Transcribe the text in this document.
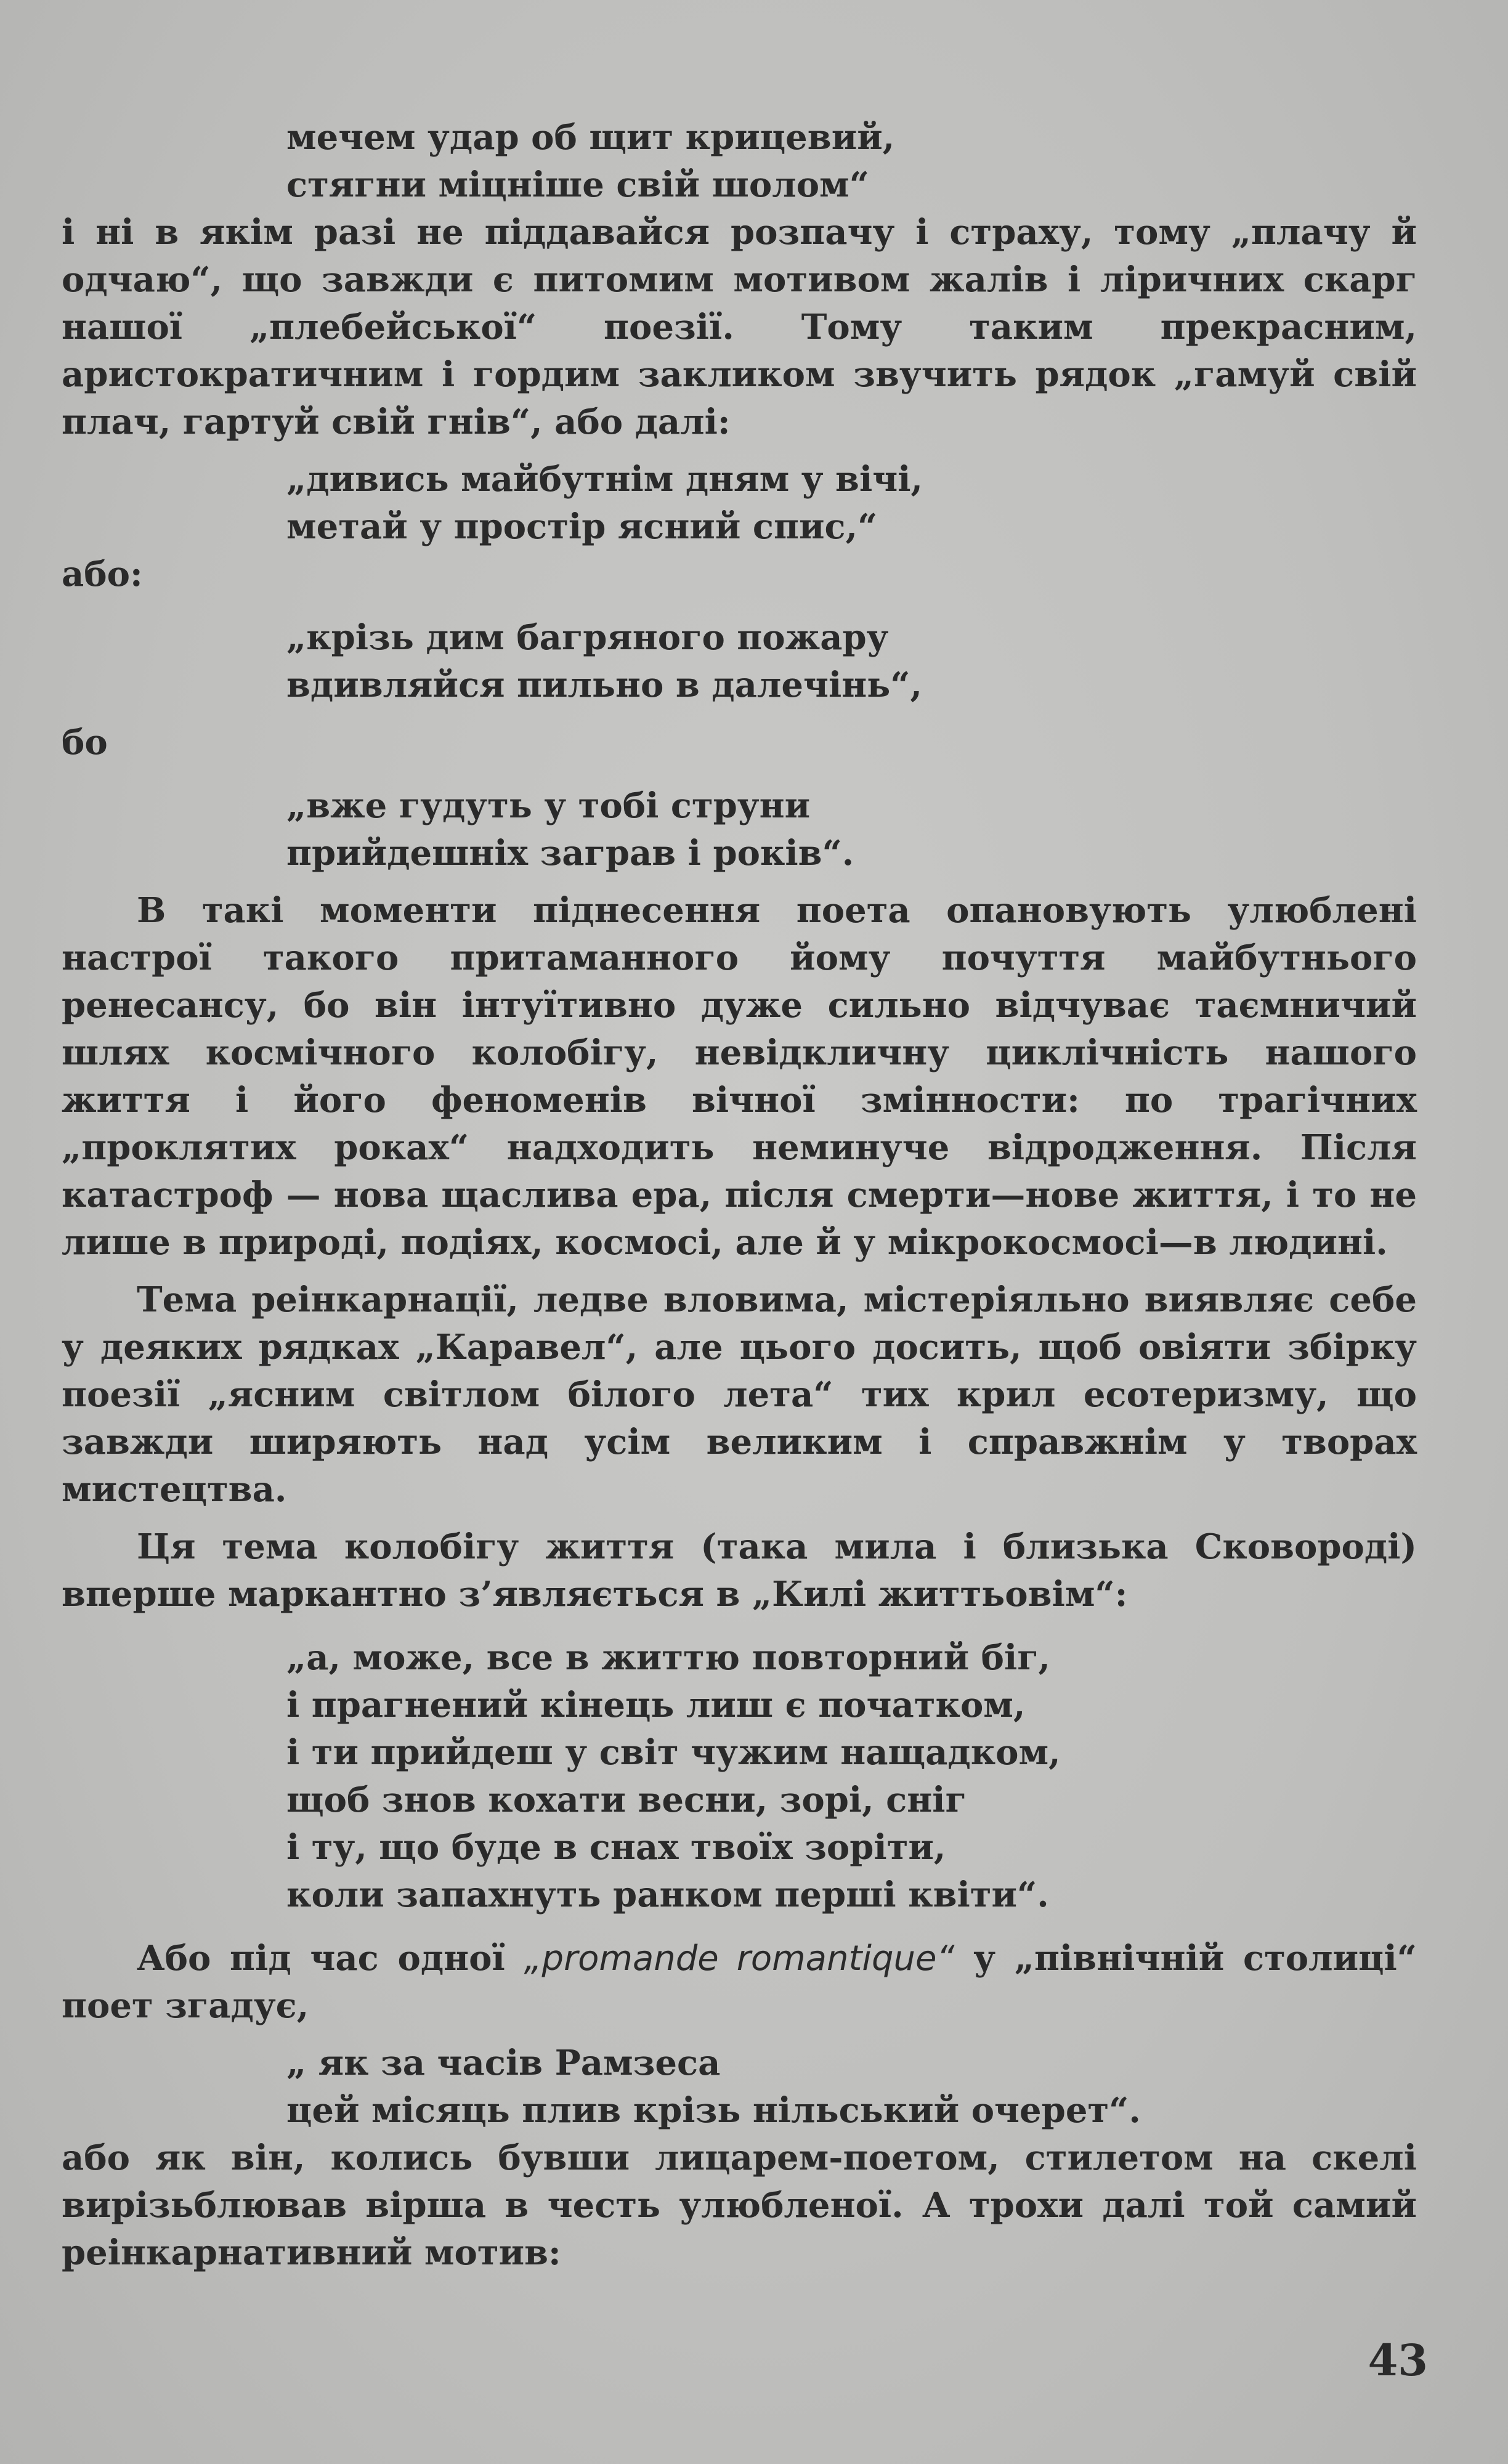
мечем удар об щит крицевий,
стягни міцніше свій шолом“

і ні в якім разі не піддавайся розпачу і страху, тому „плачу й одчаю“, що завжди є питомим мотивом жалів і ліричних скарг нашої „плебейської“ поезії. Тому таким прекрасним, аристократичним і гордим закликом звучить рядок „гамуй свій плач, гартуй свій гнів“, або далі:

„дивись майбутнім дням у вічі,
метай у простір ясний спис,“

або:

„крізь дим багряного пожару
вдивляйся пильно в далечінь“,

бо

„вже гудуть у тобі струни
прийдешніх заграв і років“.

В такі моменти піднесення поета опановують улюблені настрої такого притаманного йому почуття майбутнього ренесансу, бо він інтуїтивно дуже сильно відчуває таємничий шлях космічного колобігу, невідкличну циклічність нашого життя і його феноменів вічної змінности: по трагічних „проклятих роках“ надходить неминуче відродження. Після катастроф — нова щаслива ера, після смерти—нове життя, і то не лише в природі, подіях, космосі, але й у мікрокосмосі—в людині.

Тема реінкарнації, ледве вловима, містеріяльно виявляє себе у деяких рядках „Каравел“, але цього досить, щоб овіяти збірку поезії „ясним світлом білого лета“ тих крил есотеризму, що завжди ширяють над усім великим і справжнім у творах мистецтва.

Ця тема колобігу життя (така мила і близька Сковороді) вперше маркантно з’являється в „Килі життьовім“:

„а, може, все в життю повторний біг,
і прагнений кінець лиш є початком,
і ти прийдеш у світ чужим нащадком,
щоб знов кохати весни, зорі, сніг
і ту, що буде в снах твоїх зоріти,
коли запахнуть ранком перші квіти“.

Або під час одної „promande romantique“ у „північній столиці“ поет згадує,

„ як за часів Рамзеса
цей місяць плив крізь нільський очерет“.

або як він, колись бувши лицарем-поетом, стилетом на скелі вирізьблював вірша в честь улюбленої. А трохи далі той самий реінкарнативний мотив:

43
